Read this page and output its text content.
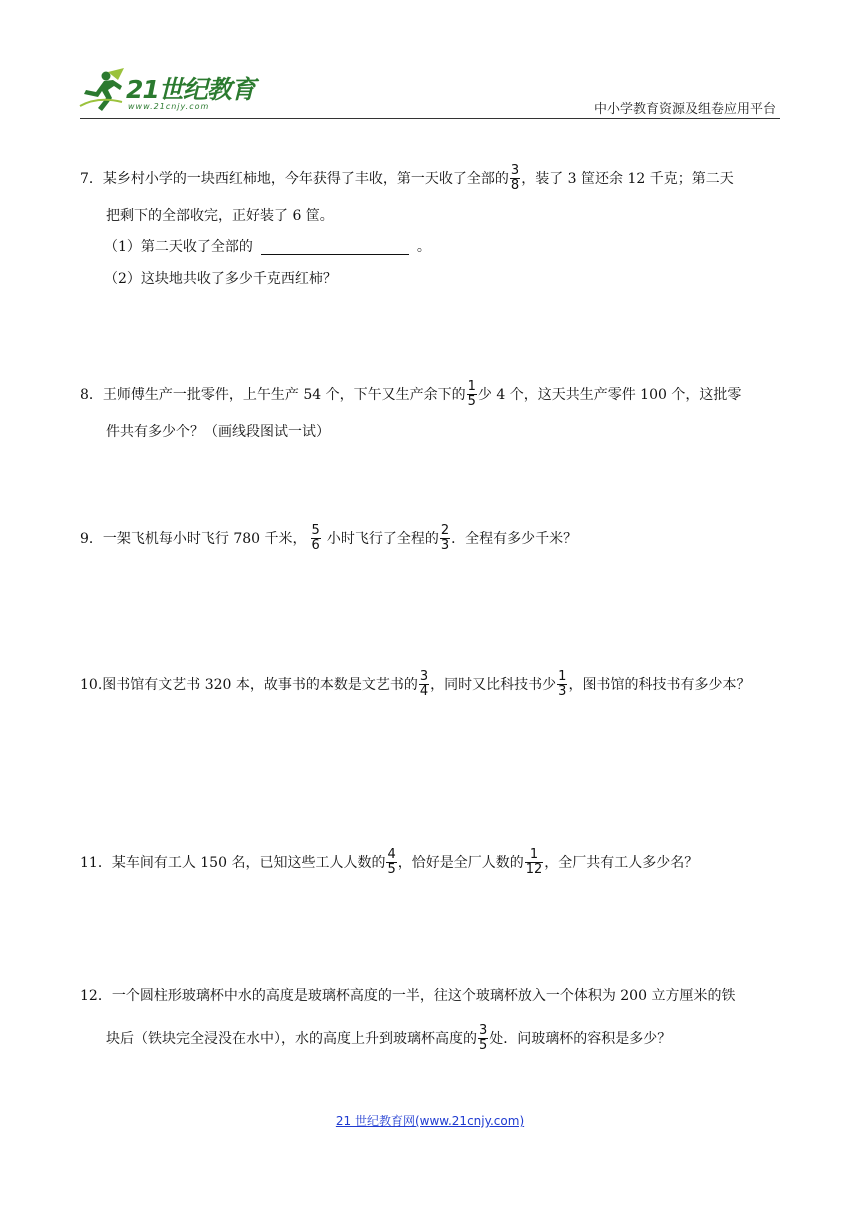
21世纪教育
www.21cnjy.com	中小学教育资源及组卷应用平台
7． 某乡村小学的一块西红柿地，今年获得了丰收，第一天收了全部的 $\frac{3}{8}$ ，装了 3 筐还余 12 千克；第二天
把剩下的全部收完，正好装了 6 筐。
（1）第二天收了全部的	。
（2）这块地共收了多少千克西红柿？
8． 王师傅生产一批零件，上午生产 54 个，下午又生产余下的 $\frac{1}{5}$ 少 4 个，这天共生产零件 100 个，这批零
件共有多少个？（画线段图试一试）
9． 一架飞机每小时飞行 780 千米， $\frac{5}{6}$ 小时飞行了全程的 $\frac{2}{3}$ ．全程有多少千米？
10. 图书馆有文艺书 320 本，故事书的本数是文艺书的 $\frac{3}{4}$ ，同时又比科技书少 $\frac{1}{3}$ ，图书馆的科技书有多少本？
11． 某车间有工人 150 名，已知这些工人人数的 $\frac{4}{5}$ ，恰好是全厂人数的 $\frac{1}{12}$ ，全厂共有工人多少名？
12． 一个圆柱形玻璃杯中水的高度是玻璃杯高度的一半，往这个玻璃杯放入一个体积为 200 立方厘米的铁
块后（铁块完全浸没在水中），水的高度上升到玻璃杯高度的 $\frac{3}{5}$ 处．问玻璃杯的容积是多少？
21 世纪教育网(www.21cnjy.com)
